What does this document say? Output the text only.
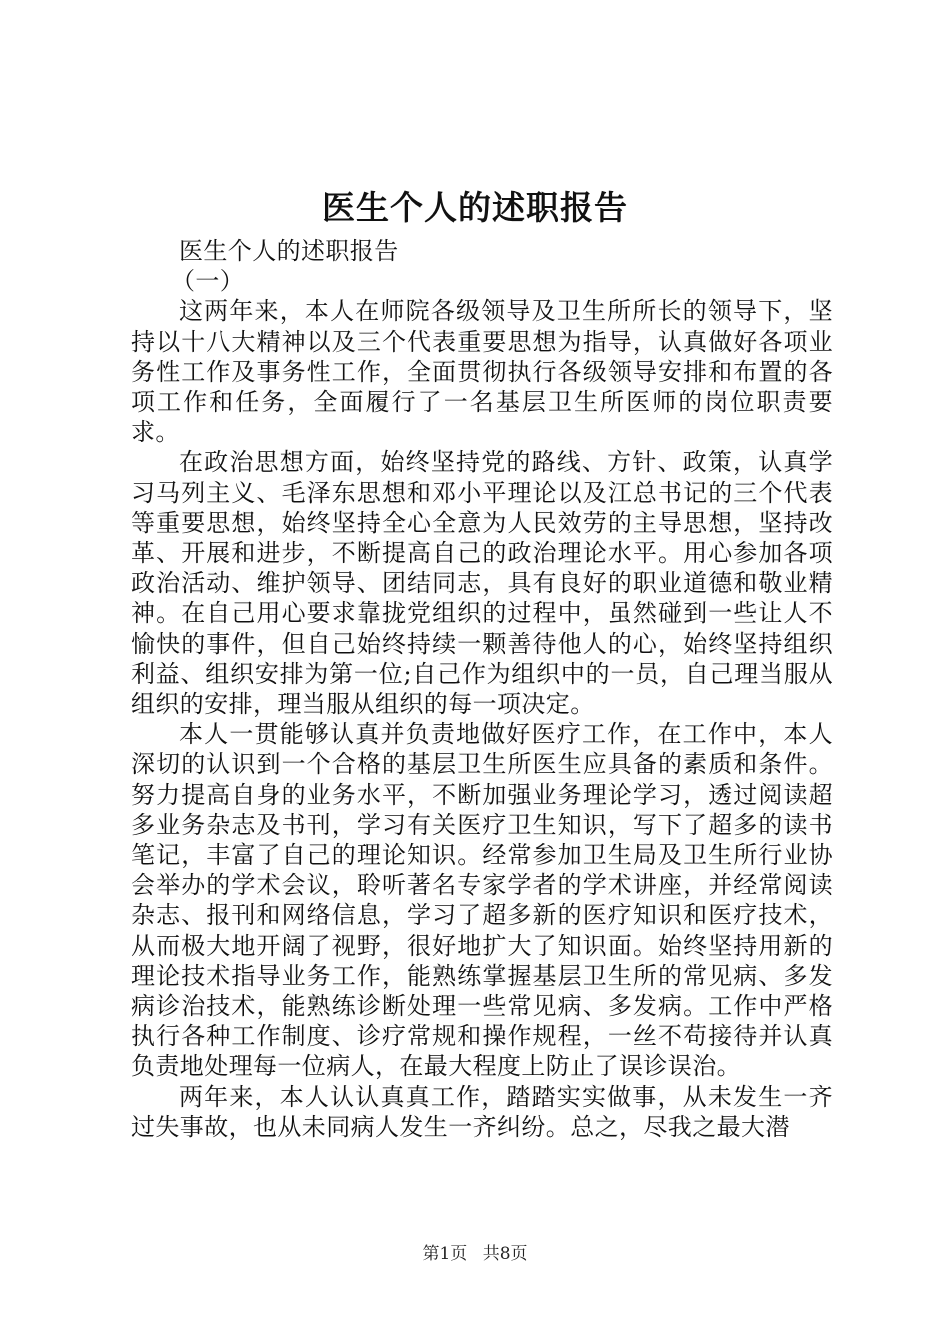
医生个人的述职报告

医生个人的述职报告

（一）

这两年来，本人在师院各级领导及卫生所所长的领导下，坚持以十八大精神以及三个代表重要思想为指导，认真做好各项业务性工作及事务性工作，全面贯彻执行各级领导安排和布置的各项工作和任务，全面履行了一名基层卫生所医师的岗位职责要求。

在政治思想方面，始终坚持党的路线、方针、政策，认真学习马列主义、毛泽东思想和邓小平理论以及江总书记的三个代表等重要思想，始终坚持全心全意为人民效劳的主导思想，坚持改革、开展和进步，不断提高自己的政治理论水平。用心参加各项政治活动、维护领导、团结同志，具有良好的职业道德和敬业精神。在自己用心要求靠拢党组织的过程中，虽然碰到一些让人不愉快的事件，但自己始终持续一颗善待他人的心，始终坚持组织利益、组织安排为第一位;自己作为组织中的一员，自己理当服从组织的安排，理当服从组织的每一项决定。

本人一贯能够认真并负责地做好医疗工作，在工作中，本人深切的认识到一个合格的基层卫生所医生应具备的素质和条件。努力提高自身的业务水平，不断加强业务理论学习，透过阅读超多业务杂志及书刊，学习有关医疗卫生知识，写下了超多的读书笔记，丰富了自己的理论知识。经常参加卫生局及卫生所行业协会举办的学术会议，聆听著名专家学者的学术讲座，并经常阅读杂志、报刊和网络信息，学习了超多新的医疗知识和医疗技术，从而极大地开阔了视野，很好地扩大了知识面。始终坚持用新的理论技术指导业务工作，能熟练掌握基层卫生所的常见病、多发病诊治技术，能熟练诊断处理一些常见病、多发病。工作中严格执行各种工作制度、诊疗常规和操作规程，一丝不苟接待并认真负责地处理每一位病人，在最大程度上防止了误诊误治。

两年来，本人认认真真工作，踏踏实实做事，从未发生一齐过失事故，也从未同病人发生一齐纠纷。总之，尽我之最大潜

第1页 共8页
